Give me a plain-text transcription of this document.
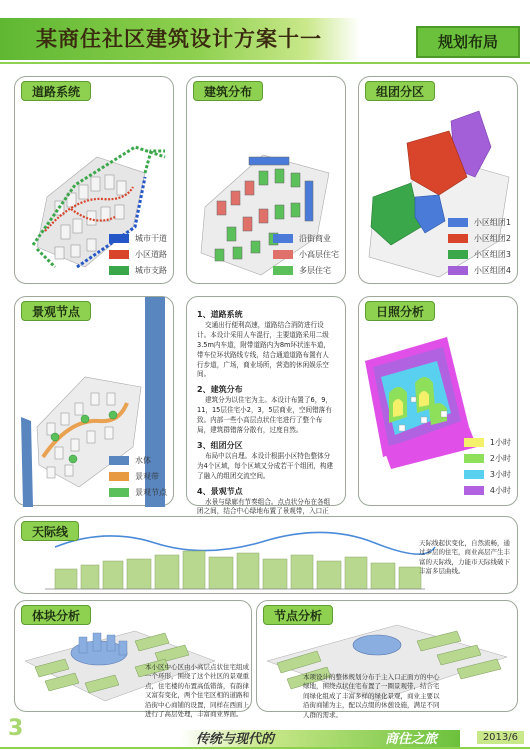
某商住社区建筑设计方案十一	规划布局
道路系统
城市干道
小区道路
城市支路
建筑分布
沿街商业
小高层住宅
多层住宅
组团分区
小区组团1
小区组团2
小区组团3
小区组团4
景观节点
水体
景观带
景观节点
1、道路系统
交通出行便利高速，道路结合消防进行设计。本设计采用人车混行，主要道路采用二级3.5m内车道，附带道路内为8m环状连车道，带车位环状路线专线，结合通道道路布置有人行步道，广场，商业场所，营造的休闲娱乐空间。
2、建筑分布
建筑分为以住宅为主。本设计布置了6，9，11，15层住宅小2，3，5层商业，空间错落有致。内部一些小高层点状住宅进行了整个布局，建筑群错落分散有，过度自然。
3、组团分区
布局中以自理。本设计根据小区特色整体分为4个区域，每个区域又分成若干个组团，构建了融入的组团交流空间。
4、景观节点
水景与绿廊有节奏组合。点点状分布在各组团之间，结合中心绿地布置了景观带，入口正
日照分析
1小时
2小时
3小时
4小时
天际线
天际线起伏变化，自然流畅，通过多层的住宅，商业高层产生丰富的天际线，力能市天际线破下丰富多层曲线。
体块分析
本小区中心区由小高层点状住宅组成一个环形，围绕了这个社区的景观重点，住宅楼的布置高低错落，有韵律又富有变化，两个住宅区相的道路和沿街中心商铺的设置，同样在西面上进行了高层处理，丰富商业界面。
节点分析
本项设计的整体规划分布于主入口正面方的中心绿地，围绕点状住宅布置了一圈景观带，结合宅间绿化组成了丰富多样的绿化景观，商业主要以沿街商铺为主，配以点缀的休憩设施，满足不同人群的需求。
3	传统与现代的	商住之旅	2013/6
